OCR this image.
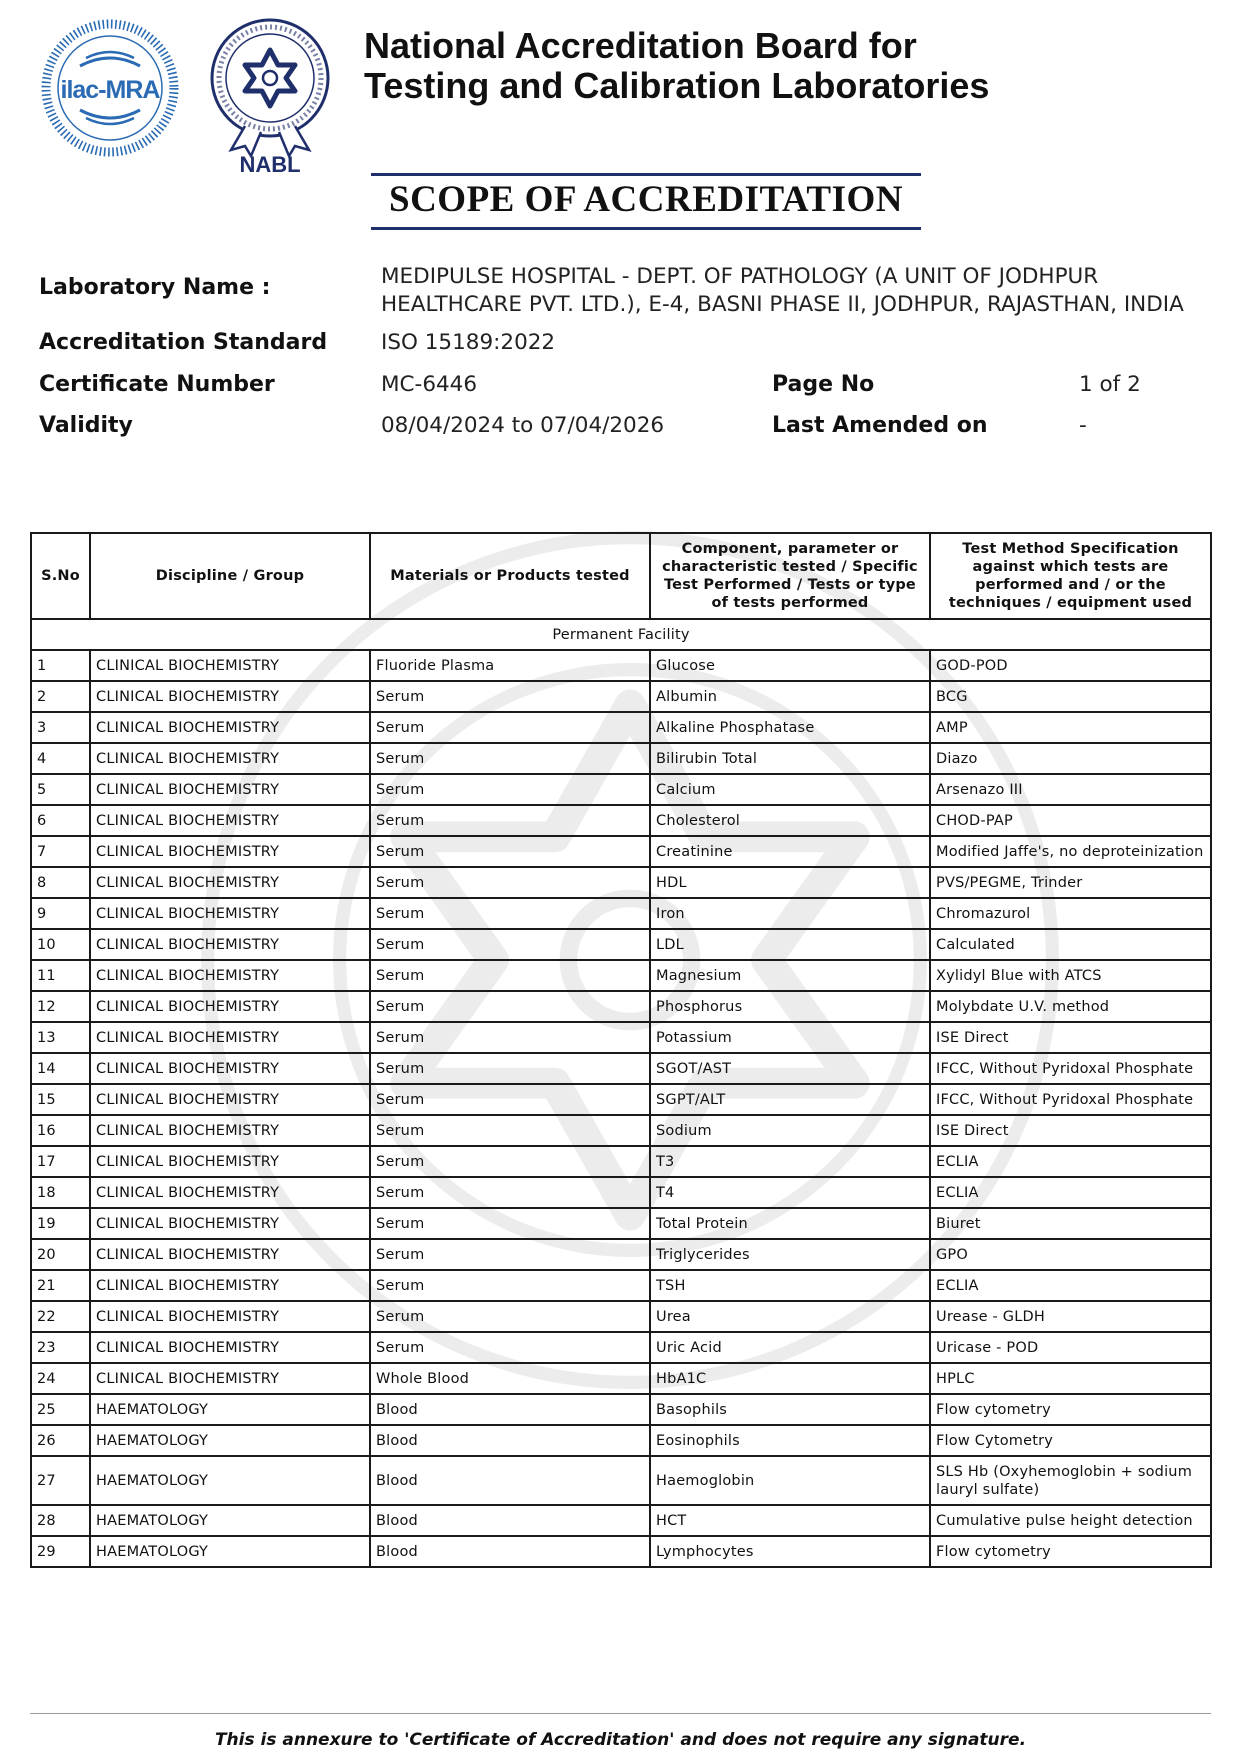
ilac-MRA
NABL
National Accreditation Board for
Testing and Calibration Laboratories
SCOPE OF ACCREDITATION
Laboratory Name :	MEDIPULSE HOSPITAL - DEPT. OF PATHOLOGY (A UNIT OF JODHPUR HEALTHCARE PVT. LTD.), E-4, BASNI PHASE II, JODHPUR, RAJASTHAN, INDIA
Accreditation Standard	ISO 15189:2022
Certificate Number	MC-6446	Page No	1 of 2
Validity	08/04/2024 to 07/04/2026	Last Amended on	-
S.No	Discipline / Group	Materials or Products tested	Component, parameter or characteristic tested / Specific Test Performed / Tests or type of tests performed	Test Method Specification against which tests are performed and / or the techniques / equipment used
Permanent Facility				
1	CLINICAL BIOCHEMISTRY	Fluoride Plasma	Glucose	GOD-POD
2	CLINICAL BIOCHEMISTRY	Serum	Albumin	BCG
3	CLINICAL BIOCHEMISTRY	Serum	Alkaline Phosphatase	AMP
4	CLINICAL BIOCHEMISTRY	Serum	Bilirubin Total	Diazo
5	CLINICAL BIOCHEMISTRY	Serum	Calcium	Arsenazo III
6	CLINICAL BIOCHEMISTRY	Serum	Cholesterol	CHOD-PAP
7	CLINICAL BIOCHEMISTRY	Serum	Creatinine	Modified Jaffe's, no deproteinization
8	CLINICAL BIOCHEMISTRY	Serum	HDL	PVS/PEGME, Trinder
9	CLINICAL BIOCHEMISTRY	Serum	Iron	Chromazurol
10	CLINICAL BIOCHEMISTRY	Serum	LDL	Calculated
11	CLINICAL BIOCHEMISTRY	Serum	Magnesium	Xylidyl Blue with ATCS
12	CLINICAL BIOCHEMISTRY	Serum	Phosphorus	Molybdate U.V. method
13	CLINICAL BIOCHEMISTRY	Serum	Potassium	ISE Direct
14	CLINICAL BIOCHEMISTRY	Serum	SGOT/AST	IFCC, Without Pyridoxal Phosphate
15	CLINICAL BIOCHEMISTRY	Serum	SGPT/ALT	IFCC, Without Pyridoxal Phosphate
16	CLINICAL BIOCHEMISTRY	Serum	Sodium	ISE Direct
17	CLINICAL BIOCHEMISTRY	Serum	T3	ECLIA
18	CLINICAL BIOCHEMISTRY	Serum	T4	ECLIA
19	CLINICAL BIOCHEMISTRY	Serum	Total Protein	Biuret
20	CLINICAL BIOCHEMISTRY	Serum	Triglycerides	GPO
21	CLINICAL BIOCHEMISTRY	Serum	TSH	ECLIA
22	CLINICAL BIOCHEMISTRY	Serum	Urea	Urease - GLDH
23	CLINICAL BIOCHEMISTRY	Serum	Uric Acid	Uricase - POD
24	CLINICAL BIOCHEMISTRY	Whole Blood	HbA1C	HPLC
25	HAEMATOLOGY	Blood	Basophils	Flow cytometry
26	HAEMATOLOGY	Blood	Eosinophils	Flow Cytometry
27	HAEMATOLOGY	Blood	Haemoglobin	SLS Hb (Oxyhemoglobin + sodium lauryl sulfate)
28	HAEMATOLOGY	Blood	HCT	Cumulative pulse height detection
29	HAEMATOLOGY	Blood	Lymphocytes	Flow cytometry
This is annexure to 'Certificate of Accreditation' and does not require any signature.
